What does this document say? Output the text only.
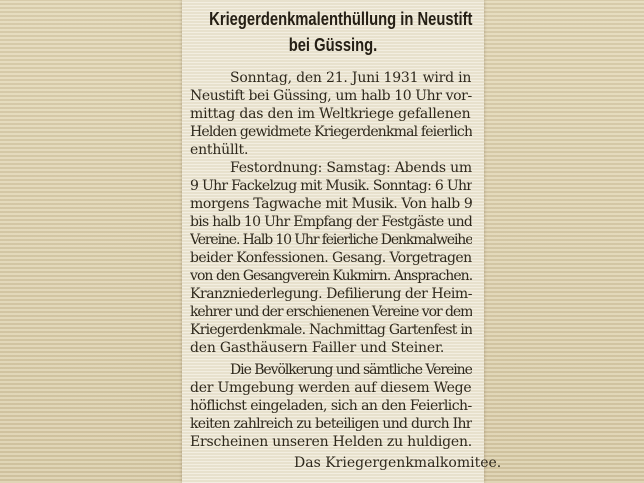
Kriegerdenkmalenthüllung in Neustift
bei Güssing.
Sonntag, den 21. Juni 1931 wird in
Neustift bei Güssing, um halb 10 Uhr vor-
mittag das den im Weltkriege gefallenen
Helden gewidmete Kriegerdenkmal feierlich
enthüllt.
Festordnung: Samstag: Abends um
9 Uhr Fackelzug mit Musik. Sonntag: 6 Uhr
morgens Tagwache mit Musik. Von halb 9
bis halb 10 Uhr Empfang der Festgäste und
Vereine. Halb 10 Uhr feierliche Denkmalweihe
beider Konfessionen. Gesang. Vorgetragen
von den Gesangverein Kukmirn. Ansprachen.
Kranzniederlegung. Defilierung der Heim-
kehrer und der erschienenen Vereine vor dem
Kriegerdenkmale. Nachmittag Gartenfest in
den Gasthäusern Failler und Steiner.
Die Bevölkerung und sämtliche Vereine
der Umgebung werden auf diesem Wege
höflichst eingeladen, sich an den Feierlich-
keiten zahlreich zu beteiligen und durch Ihr
Erscheinen unseren Helden zu huldigen.
Das Kriegergenkmalkomitee.
